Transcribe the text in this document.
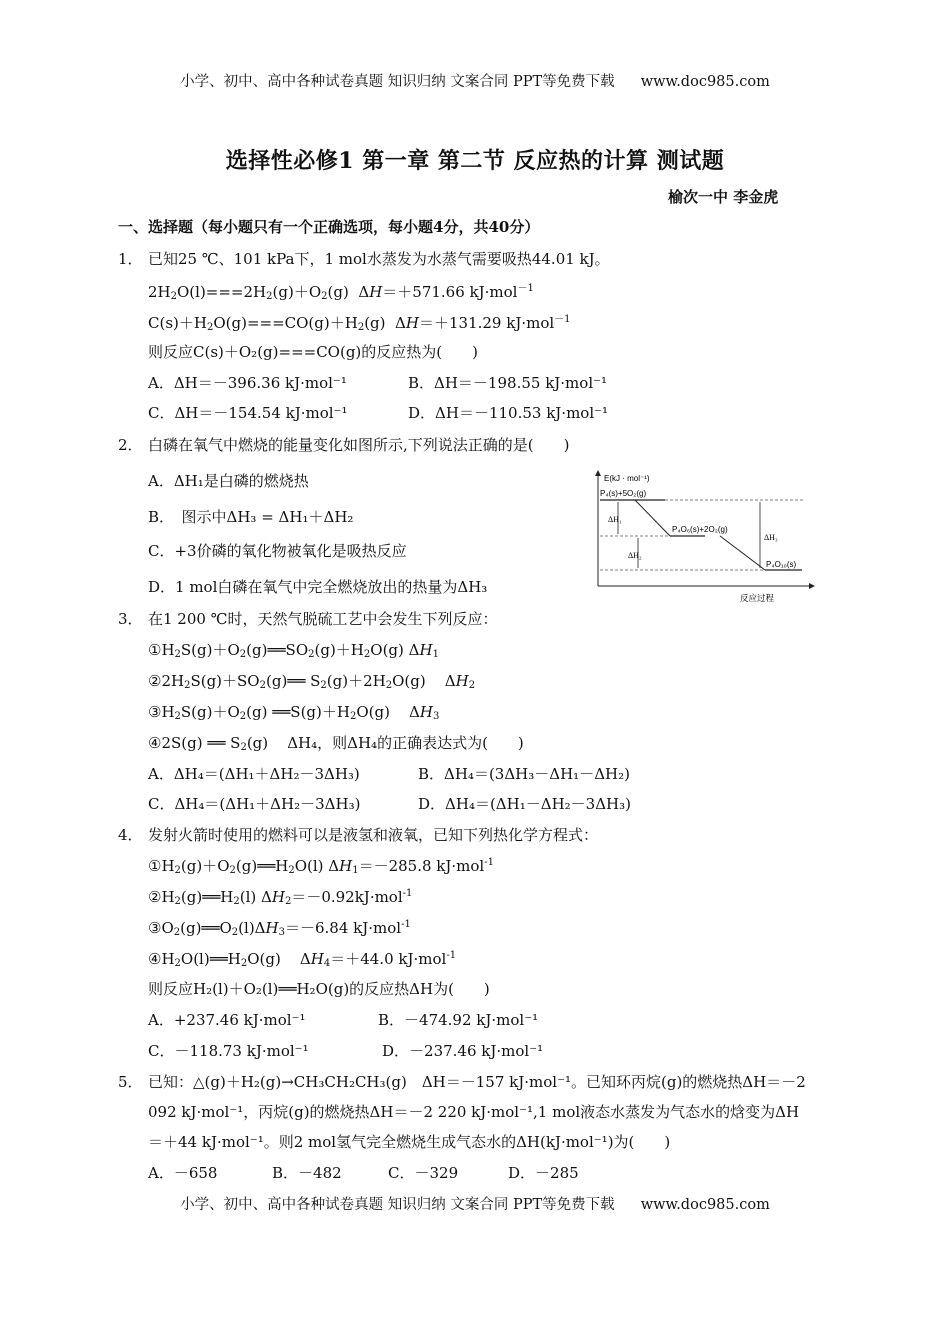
小学、初中、高中各种试卷真题 知识归纳 文案合同 PPT等免费下载 www.doc985.com
选择性必修1 第一章 第二节 反应热的计算 测试题
榆次一中 李金虎
一、选择题（每小题只有一个正确选项，每小题4分，共40分）
1． 已知25 ℃、101 kPa下，1 mol水蒸发为水蒸气需要吸热44.01 kJ。
$2H_2O(l)===2H_2(g)+O_2(g)$  ΔH＝＋571.66 kJ·mol$^{-1}$
$C(s)+H_2O(g)===CO(g)+H_2(g)$  ΔH＝＋131.29 kJ·mol$^{-1}$
则反应C(s)＋O₂(g)===CO(g)的反应热为(　　)
A．ΔH＝－396.36 kJ·mol⁻¹	B．ΔH＝－198.55 kJ·mol⁻¹
C．ΔH＝－154.54 kJ·mol⁻¹	D．ΔH＝－110.53 kJ·mol⁻¹
2． 白磷在氧气中燃烧的能量变化如图所示,下列说法正确的是(　　)
A．ΔH₁是白磷的燃烧热
B．　图示中ΔH₃ = ΔH₁＋ΔH₂
C．+3价磷的氧化物被氧化是吸热反应
D．1 mol白磷在氧气中完全燃烧放出的热量为ΔH₃
E(kJ · mol⁻¹)
P₄(s)+5O₂(g)
P₄O₆(s)+2O₂(g)
P₄O₁₀(s)
ΔH₁
ΔH₂
ΔH₃
反应过程
3． 在1 200 ℃时，天然气脱硫工艺中会发生下列反应：
$①H_2S(g)+O_2(g)══SO_2(g)+H_2O(g)$ $\Delta H_1$
$②2H_2S(g)+SO_2(g)══$ $S_2(g)+2H_2O(g)$    $\Delta H_2$
$③H_2S(g)+O_2(g)$ $══S(g)+H_2O(g)$    $\Delta H_3$
④2S(g) ══ $S_2(g)$    ΔH₄，则ΔH₄的正确表达式为(　　)
A．ΔH₄＝(ΔH₁＋ΔH₂－3ΔH₃)	B．ΔH₄＝(3ΔH₃－ΔH₁－ΔH₂)
C．ΔH₄＝(ΔH₁＋ΔH₂－3ΔH₃)	D．ΔH₄＝(ΔH₁－ΔH₂－3ΔH₃)
4． 发射火箭时使用的燃料可以是液氢和液氧，已知下列热化学方程式：
$①H_2(g)+O_2(g)══H_2O(l)$ $\Delta H_1=-285.8$ kJ·mol$^{-1}$
$②H_2(g)══H_2(l)$ $\Delta H_2=-0.92kJ\cdot mol^{-1}$
$③O_2(g)══O_2(l)\Delta H_3=-6.84$ kJ·mol$^{-1}$
$④H_2O(l)══H_2O(g)$    $\Delta H_4=+44.0$ kJ·mol$^{-1}$
则反应H₂(l)＋O₂(l)══H₂O(g)的反应热ΔH为(　　)
A．+237.46 kJ·mol⁻¹	B．－474.92 kJ·mol⁻¹
C．－118.73 kJ·mol⁻¹	D．－237.46 kJ·mol⁻¹
5． 已知：△(g)＋H₂(g)→CH₃CH₂CH₃(g)　ΔH＝－157 kJ·mol⁻¹。已知环丙烷(g)的燃烧热ΔH＝－2
092 kJ·mol⁻¹，丙烷(g)的燃烧热ΔH＝－2 220 kJ·mol⁻¹,1 mol液态水蒸发为气态水的焓变为ΔH
＝＋44 kJ·mol⁻¹。则2 mol氢气完全燃烧生成气态水的ΔH(kJ·mol⁻¹)为(　　)
A．－658	B．－482	C．－329	D．－285
小学、初中、高中各种试卷真题 知识归纳 文案合同 PPT等免费下载 www.doc985.com
